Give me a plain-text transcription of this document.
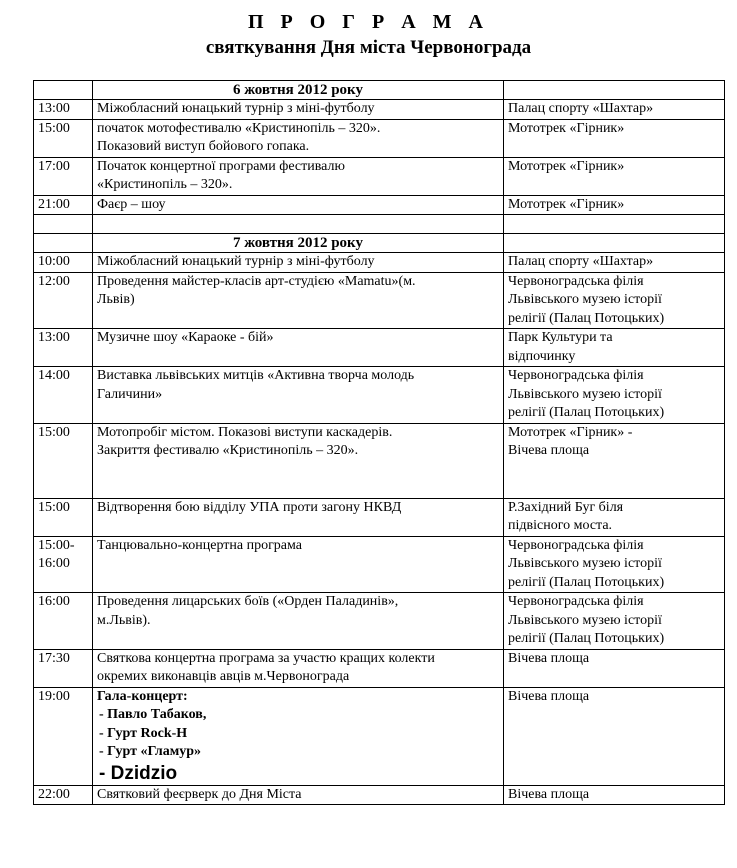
П Р О Г Р А М А
святкування Дня міста Червонограда
	6 жовтня 2012 року	

13:00	Міжобласний юнацький турнір з міні-футболу	Палац спорту «Шахтар»

15:00	початок мотофестивалю «Кристинопіль – 320».
Показовий виступ бойового гопака.	Мототрек «Гірник»

17:00	Початок концертної програми фестивалю
«Кристинопіль – 320».	Мототрек «Гірник»

21:00	Фаєр – шоу	Мототрек «Гірник»

	7 жовтня 2012 року	

10:00	Міжобласний юнацький турнір з міні-футболу	Палац спорту «Шахтар»

12:00	Проведення майстер-класів арт-студією «Mamatu»(м.
Львів)	Червоноградська філія
Львівського музею історії
релігії (Палац Потоцьких)

13:00	Музичне шоу «Караоке - бій»	Парк Культури та
відпочинку

14:00	Виставка львівських митців «Активна творча молодь
Галичини»	Червоноградська філія
Львівського музею історії
релігії (Палац Потоцьких)

15:00	Мотопробіг містом. Показові виступи каскадерів.
Закриття фестивалю «Кристинопіль – 320».	Мототрек «Гірник» -
Вічева площа

15:00	Відтворення бою відділу УПА проти загону НКВД	Р.Західний Буг біля
підвісного моста.

15:00-
16:00	Танцювально-концертна програма	Червоноградська філія
Львівського музею історії
релігії (Палац Потоцьких)

16:00	Проведення лицарських боїв («Орден Паладинів»,
м.Львів).	Червоноградська філія
Львівського музею історії
релігії (Палац Потоцьких)

17:30	Святкова концертна програма за участю кращих колекти
окремих виконавців авців м.Червонограда	Вічева площа

19:00	Гала-концерт:
- Павло Табаков,
- Гурт Rock-H
- Гурт «Гламур»
- Dzidzio	Вічева площа
22:00	Святковий феєрверк до Дня Міста	Вічева площа
